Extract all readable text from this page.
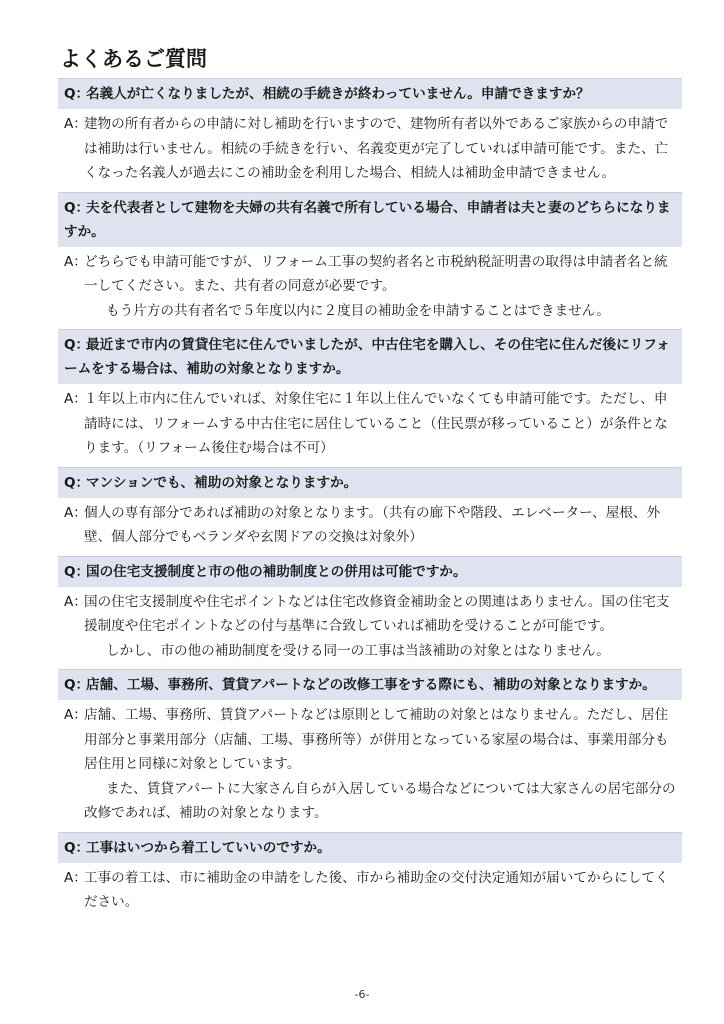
よくあるご質問
Q：名義人が亡くなりましたが、相続の手続きが終わっていません。申請できますか？
A：建物の所有者からの申請に対し補助を行いますので、建物所有者以外であるご家族からの申請では補助は行いません。相続の手続きを行い、名義変更が完了していれば申請可能です。また、亡くなった名義人が過去にこの補助金を利用した場合、相続人は補助金申請できません。
Q：夫を代表者として建物を夫婦の共有名義で所有している場合、申請者は夫と妻のどちらになりますか。
A：どちらでも申請可能ですが、リフォーム工事の契約者名と市税納税証明書の取得は申請者名と統一してください。また、共有者の同意が必要です。
もう片方の共有者名で５年度以内に２度目の補助金を申請することはできません。
Q：最近まで市内の賃貸住宅に住んでいましたが、中古住宅を購入し、その住宅に住んだ後にリフォームをする場合は、補助の対象となりますか。
A：１年以上市内に住んでいれば、対象住宅に１年以上住んでいなくても申請可能です。ただし、申請時には、リフォームする中古住宅に居住していること（住民票が移っていること）が条件となります。（リフォーム後住む場合は不可）
Q：マンションでも、補助の対象となりますか。
A：個人の専有部分であれば補助の対象となります。（共有の廊下や階段、エレベーター、屋根、外壁、個人部分でもベランダや玄関ドアの交換は対象外）
Q：国の住宅支援制度と市の他の補助制度との併用は可能ですか。
A：国の住宅支援制度や住宅ポイントなどは住宅改修資金補助金との関連はありません。国の住宅支援制度や住宅ポイントなどの付与基準に合致していれば補助を受けることが可能です。
しかし、市の他の補助制度を受ける同一の工事は当該補助の対象とはなりません。
Q：店舗、工場、事務所、賃貸アパートなどの改修工事をする際にも、補助の対象となりますか。
A：店舗、工場、事務所、賃貸アパートなどは原則として補助の対象とはなりません。ただし、居住用部分と事業用部分（店舗、工場、事務所等）が併用となっている家屋の場合は、事業用部分も居住用と同様に対象としています。
また、賃貸アパートに大家さん自らが入居している場合などについては大家さんの居宅部分の改修であれば、補助の対象となります。
Q：工事はいつから着工していいのですか。
A：工事の着工は、市に補助金の申請をした後、市から補助金の交付決定通知が届いてからにしてください。
-6-
